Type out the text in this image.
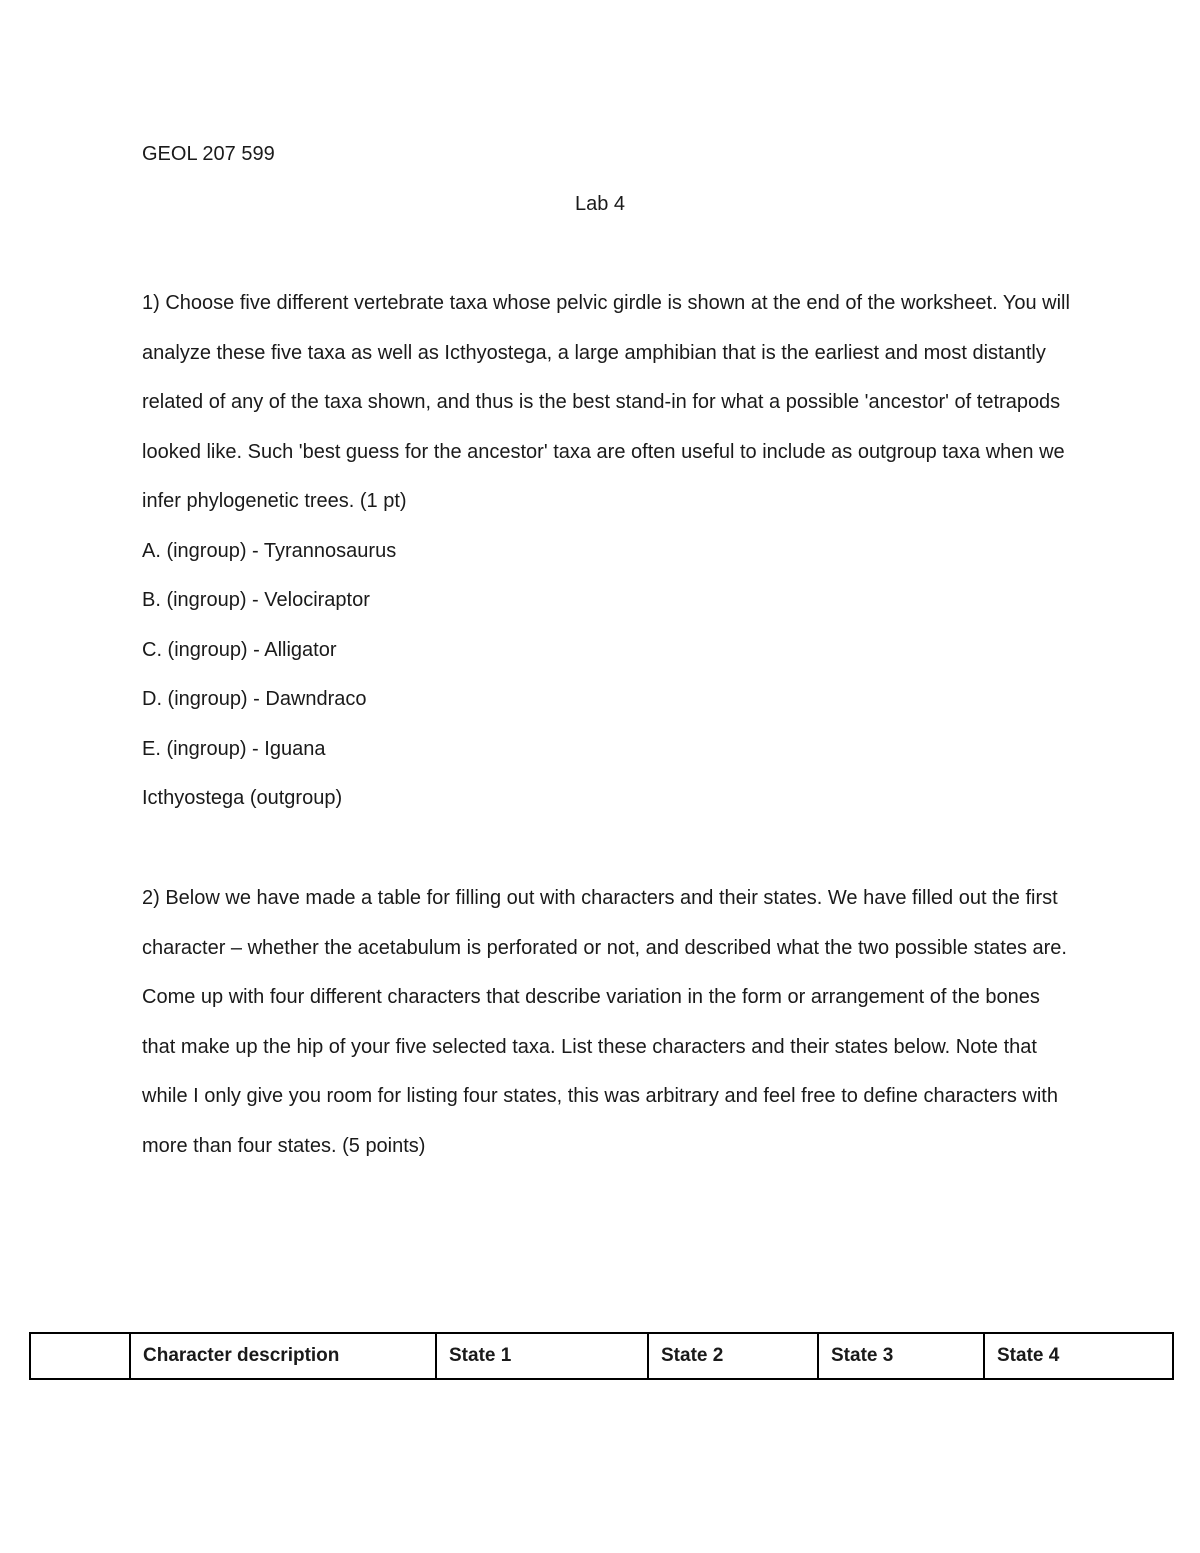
GEOL 207 599
Lab 4

1) Choose five different vertebrate taxa whose pelvic girdle is shown at the end of the worksheet. You will analyze these five taxa as well as Icthyostega, a large amphibian that is the earliest and most distantly related of any of the taxa shown, and thus is the best stand-in for what a possible 'ancestor' of tetrapods looked like. Such 'best guess for the ancestor' taxa are often useful to include as outgroup taxa when we infer phylogenetic trees. (1 pt)

A. (ingroup) - Tyrannosaurus
B. (ingroup) - Velociraptor
C. (ingroup) - Alligator
D. (ingroup) - Dawndraco
E. (ingroup) - Iguana
Icthyostega (outgroup)

2) Below we have made a table for filling out with characters and their states. We have filled out the first character – whether the acetabulum is perforated or not, and described what the two possible states are. Come up with four different characters that describe variation in the form or arrangement of the bones that make up the hip of your five selected taxa. List these characters and their states below. Note that while I only give you room for listing four states, this was arbitrary and feel free to define characters with more than four states. (5 points)

	Character description	State 1	State 2	State 3	State 4
